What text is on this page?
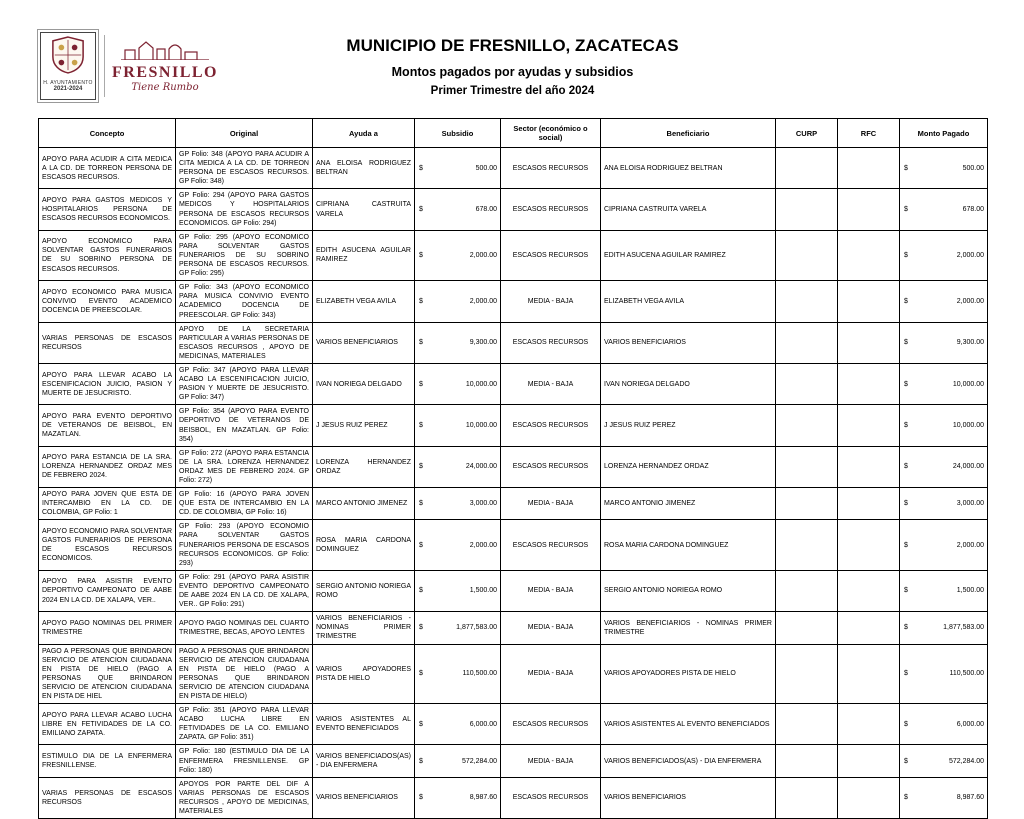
H. AYUNTAMIENTO
2021-2024
FRESNILLO
Tiene Rumbo
MUNICIPIO DE FRESNILLO, ZACATECAS
Montos pagados por ayudas y subsidios
Primer Trimestre del año 2024
Concepto	Original	Ayuda a	Subsidio	Sector (económico o social)	Beneficiario	CURP	RFC	Monto Pagado
APOYO PARA ACUDIR A CITA MEDICA A LA CD. DE TORREON PERSONA DE ESCASOS RECURSOS.	GP Folio: 348 (APOYO PARA ACUDIR A CITA MEDICA A LA CD. DE TORREON PERSONA DE ESCASOS RECURSOS. GP Folio: 348)	ANA ELOISA RODRIGUEZ BELTRAN	$ 500.00	ESCASOS RECURSOS	ANA ELOISA RODRIGUEZ BELTRAN			$ 500.00

APOYO PARA GASTOS MEDICOS Y HOSPITALARIOS PERSONA DE ESCASOS RECURSOS ECONOMICOS.	GP Folio: 294 (APOYO PARA GASTOS MEDICOS Y HOSPITALARIOS PERSONA DE ESCASOS RECURSOS ECONOMICOS. GP Folio: 294)	CIPRIANA CASTRUITA VARELA	$ 678.00	ESCASOS RECURSOS	CIPRIANA CASTRUITA VARELA			$ 678.00

APOYO ECONOMICO PARA SOLVENTAR GASTOS FUNERARIOS DE SU SOBRINO PERSONA DE ESCASOS RECURSOS.	GP Folio: 295 (APOYO ECONOMICO PARA SOLVENTAR GASTOS FUNERARIOS DE SU SOBRINO PERSONA DE ESCASOS RECURSOS. GP Folio: 295)	EDITH ASUCENA AGUILAR RAMIREZ	$ 2,000.00	ESCASOS RECURSOS	EDITH ASUCENA AGUILAR RAMIREZ			$ 2,000.00

APOYO ECONOMICO PARA MUSICA CONVIVIO EVENTO ACADEMICO DOCENCIA DE PREESCOLAR.	GP Folio: 343 (APOYO ECONOMICO PARA MUSICA CONVIVIO EVENTO ACADEMICO DOCENCIA DE PREESCOLAR. GP Folio: 343)	ELIZABETH VEGA AVILA	$ 2,000.00	MEDIA - BAJA	ELIZABETH VEGA AVILA			$ 2,000.00

VARIAS PERSONAS DE ESCASOS RECURSOS	APOYO DE LA SECRETARIA PARTICULAR A VARIAS PERSONAS DE ESCASOS RECURSOS , APOYO DE MEDICINAS, MATERIALES	VARIOS BENEFICIARIOS	$ 9,300.00	ESCASOS RECURSOS	VARIOS BENEFICIARIOS			$ 9,300.00

APOYO PARA LLEVAR ACABO LA ESCENIFICACION JUICIO, PASION Y MUERTE DE JESUCRISTO.	GP Folio: 347 (APOYO PARA LLEVAR ACABO LA ESCENIFICACION JUICIO, PASION Y MUERTE DE JESUCRISTO. GP Folio: 347)	IVAN NORIEGA DELGADO	$ 10,000.00	MEDIA - BAJA	IVAN NORIEGA DELGADO			$ 10,000.00

APOYO PARA EVENTO DEPORTIVO DE VETERANOS DE BEISBOL, EN MAZATLAN.	GP Folio: 354 (APOYO PARA EVENTO DEPORTIVO DE VETERANOS DE BEISBOL, EN MAZATLAN. GP Folio: 354)	J JESUS RUIZ PEREZ	$ 10,000.00	ESCASOS RECURSOS	J JESUS RUIZ PEREZ			$ 10,000.00

APOYO PARA ESTANCIA DE LA SRA. LORENZA HERNANDEZ ORDAZ MES DE FEBRERO 2024.	GP Folio: 272 (APOYO PARA ESTANCIA DE LA SRA. LORENZA HERNANDEZ ORDAZ MES DE FEBRERO 2024. GP Folio: 272)	LORENZA HERNANDEZ ORDAZ	$ 24,000.00	ESCASOS RECURSOS	LORENZA HERNANDEZ ORDAZ			$ 24,000.00

APOYO PARA JOVEN QUE ESTA DE INTERCAMBIO EN LA CD. DE COLOMBIA, GP Folio: 1	GP Folio: 16 (APOYO PARA JOVEN QUE ESTA DE INTERCAMBIO EN LA CD. DE COLOMBIA, GP Folio: 16)	MARCO ANTONIO JIMENEZ	$ 3,000.00	MEDIA - BAJA	MARCO ANTONIO JIMENEZ			$ 3,000.00

APOYO ECONOMIO PARA SOLVENTAR GASTOS FUNERARIOS DE PERSONA DE ESCASOS RECURSOS ECONOMICOS.	GP Folio: 293 (APOYO ECONOMIO PARA SOLVENTAR GASTOS FUNERARIOS PERSONA DE ESCASOS RECURSOS ECONOMICOS. GP Folio: 293)	ROSA MARIA CARDONA DOMINGUEZ	$ 2,000.00	ESCASOS RECURSOS	ROSA MARIA CARDONA DOMINGUEZ			$ 2,000.00

APOYO PARA ASISTIR EVENTO DEPORTIVO CAMPEONATO DE AABE 2024 EN LA CD. DE XALAPA, VER..	GP Folio: 291 (APOYO PARA ASISTIR EVENTO DEPORTIVO CAMPEONATO DE AABE 2024 EN LA CD. DE XALAPA, VER.. GP Folio: 291)	SERGIO ANTONIO NORIEGA ROMO	$ 1,500.00	MEDIA - BAJA	SERGIO ANTONIO NORIEGA ROMO			$ 1,500.00

APOYO PAGO NOMINAS DEL PRIMER TRIMESTRE	APOYO PAGO NOMINAS DEL CUARTO TRIMESTRE, BECAS, APOYO LENTES	VARIOS BENEFICIARIOS - NOMINAS PRIMER TRIMESTRE	$ 1,877,583.00	MEDIA - BAJA	VARIOS BENEFICIARIOS - NOMINAS PRIMER TRIMESTRE			$ 1,877,583.00

PAGO A PERSONAS QUE BRINDARON SERVICIO DE ATENCION CIUDADANA EN PISTA DE HIELO (PAGO A PERSONAS QUE BRINDARON SERVICIO DE ATENCION CIUDADANA EN PISTA DE HIEL	PAGO A PERSONAS QUE BRINDARON SERVICIO DE ATENCION CIUDADANA EN PISTA DE HIELO (PAGO A PERSONAS QUE BRINDARON SERVICIO DE ATENCION CIUDADANA EN PISTA DE HIELO)	VARIOS APOYADORES PISTA DE HIELO	$ 110,500.00	MEDIA - BAJA	VARIOS APOYADORES PISTA DE HIELO			$ 110,500.00

APOYO PARA LLEVAR ACABO LUCHA LIBRE EN FETIVIDADES DE LA CO. EMILIANO ZAPATA.	GP Folio: 351 (APOYO PARA LLEVAR ACABO LUCHA LIBRE EN FETIVIDADES DE LA CO. EMILIANO ZAPATA. GP Folio: 351)	VARIOS ASISTENTES AL EVENTO BENEFICIADOS	$ 6,000.00	ESCASOS RECURSOS	VARIOS ASISTENTES AL EVENTO BENEFICIADOS			$ 6,000.00

ESTIMULO DIA DE LA ENFERMERA FRESNILLENSE.	GP Folio: 180 (ESTIMULO DIA DE LA ENFERMERA FRESNILLENSE. GP Folio: 180)	VARIOS BENEFICIADOS(AS) - DIA ENFERMERA	$ 572,284.00	MEDIA - BAJA	VARIOS BENEFICIADOS(AS) - DIA ENFERMERA			$ 572,284.00

VARIAS PERSONAS DE ESCASOS RECURSOS	APOYOS POR PARTE DEL DIF A VARIAS PERSONAS DE ESCASOS RECURSOS , APOYO DE MEDICINAS, MATERIALES	VARIOS BENEFICIARIOS	$ 8,987.60	ESCASOS RECURSOS	VARIOS BENEFICIARIOS			$ 8,987.60
